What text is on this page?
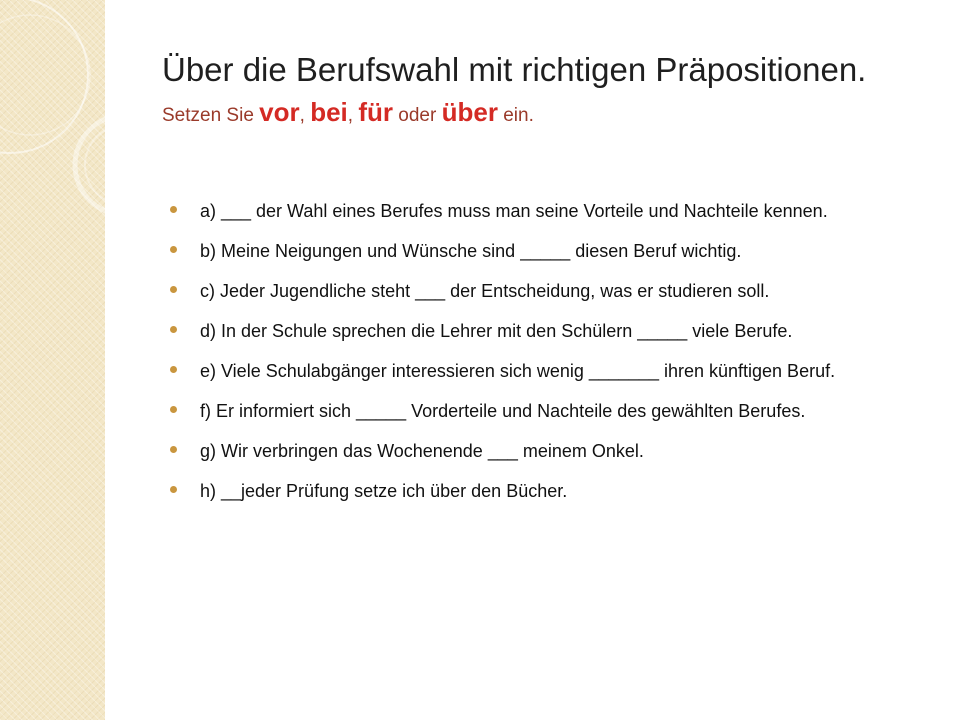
Über die Berufswahl mit richtigen Präpositionen.

Setzen Sie vor, bei, für oder über ein.

a) ___ der Wahl eines Berufes muss man seine Vorteile und Nachteile kennen.
b) Meine Neigungen und Wünsche sind _____ diesen Beruf wichtig.
c) Jeder Jugendliche steht ___ der Entscheidung, was er studieren soll.
d) In der Schule sprechen die Lehrer mit den Schülern _____ viele Berufe.
e) Viele Schulabgänger interessieren sich wenig _______ ihren künftigen Beruf.
f) Er informiert sich _____ Vorderteile und Nachteile des gewählten Berufes.
g) Wir verbringen das Wochenende ___ meinem Onkel.
h) __jeder Prüfung setze ich über den Bücher.
